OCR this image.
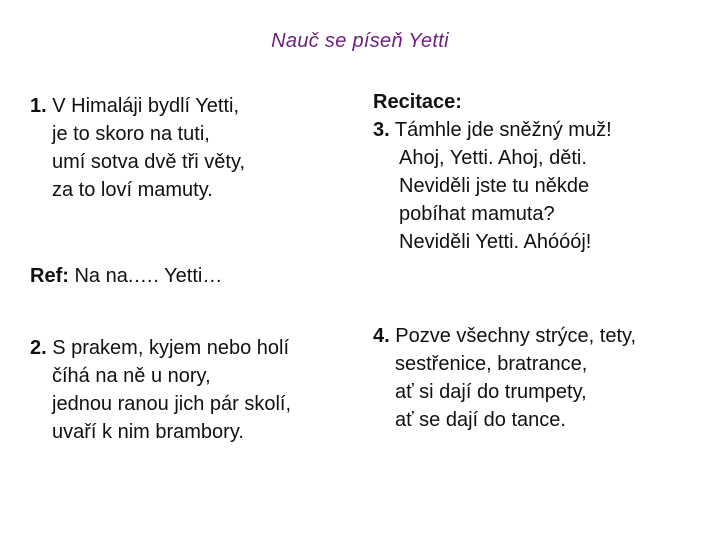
Nauč se píseň Yetti
1. V Himaláji bydlí Yetti,
je to skoro na tuti,
umí sotva dvě tři věty,
za to loví mamuty.
Ref: Na na.…. Yetti…
2. S prakem, kyjem nebo holí
číhá na ně u nory,
jednou ranou jich pár skolí,
uvaří k nim brambory.
Recitace:
3. Támhle jde sněžný muž!
Ahoj, Yetti. Ahoj, děti.
Neviděli jste tu někde
pobíhat mamuta?
Neviděli Yetti. Ahóóój!
4. Pozve všechny strýce, tety,
sestřenice, bratrance,
ať si dají do trumpety,
ať se dají do tance.
